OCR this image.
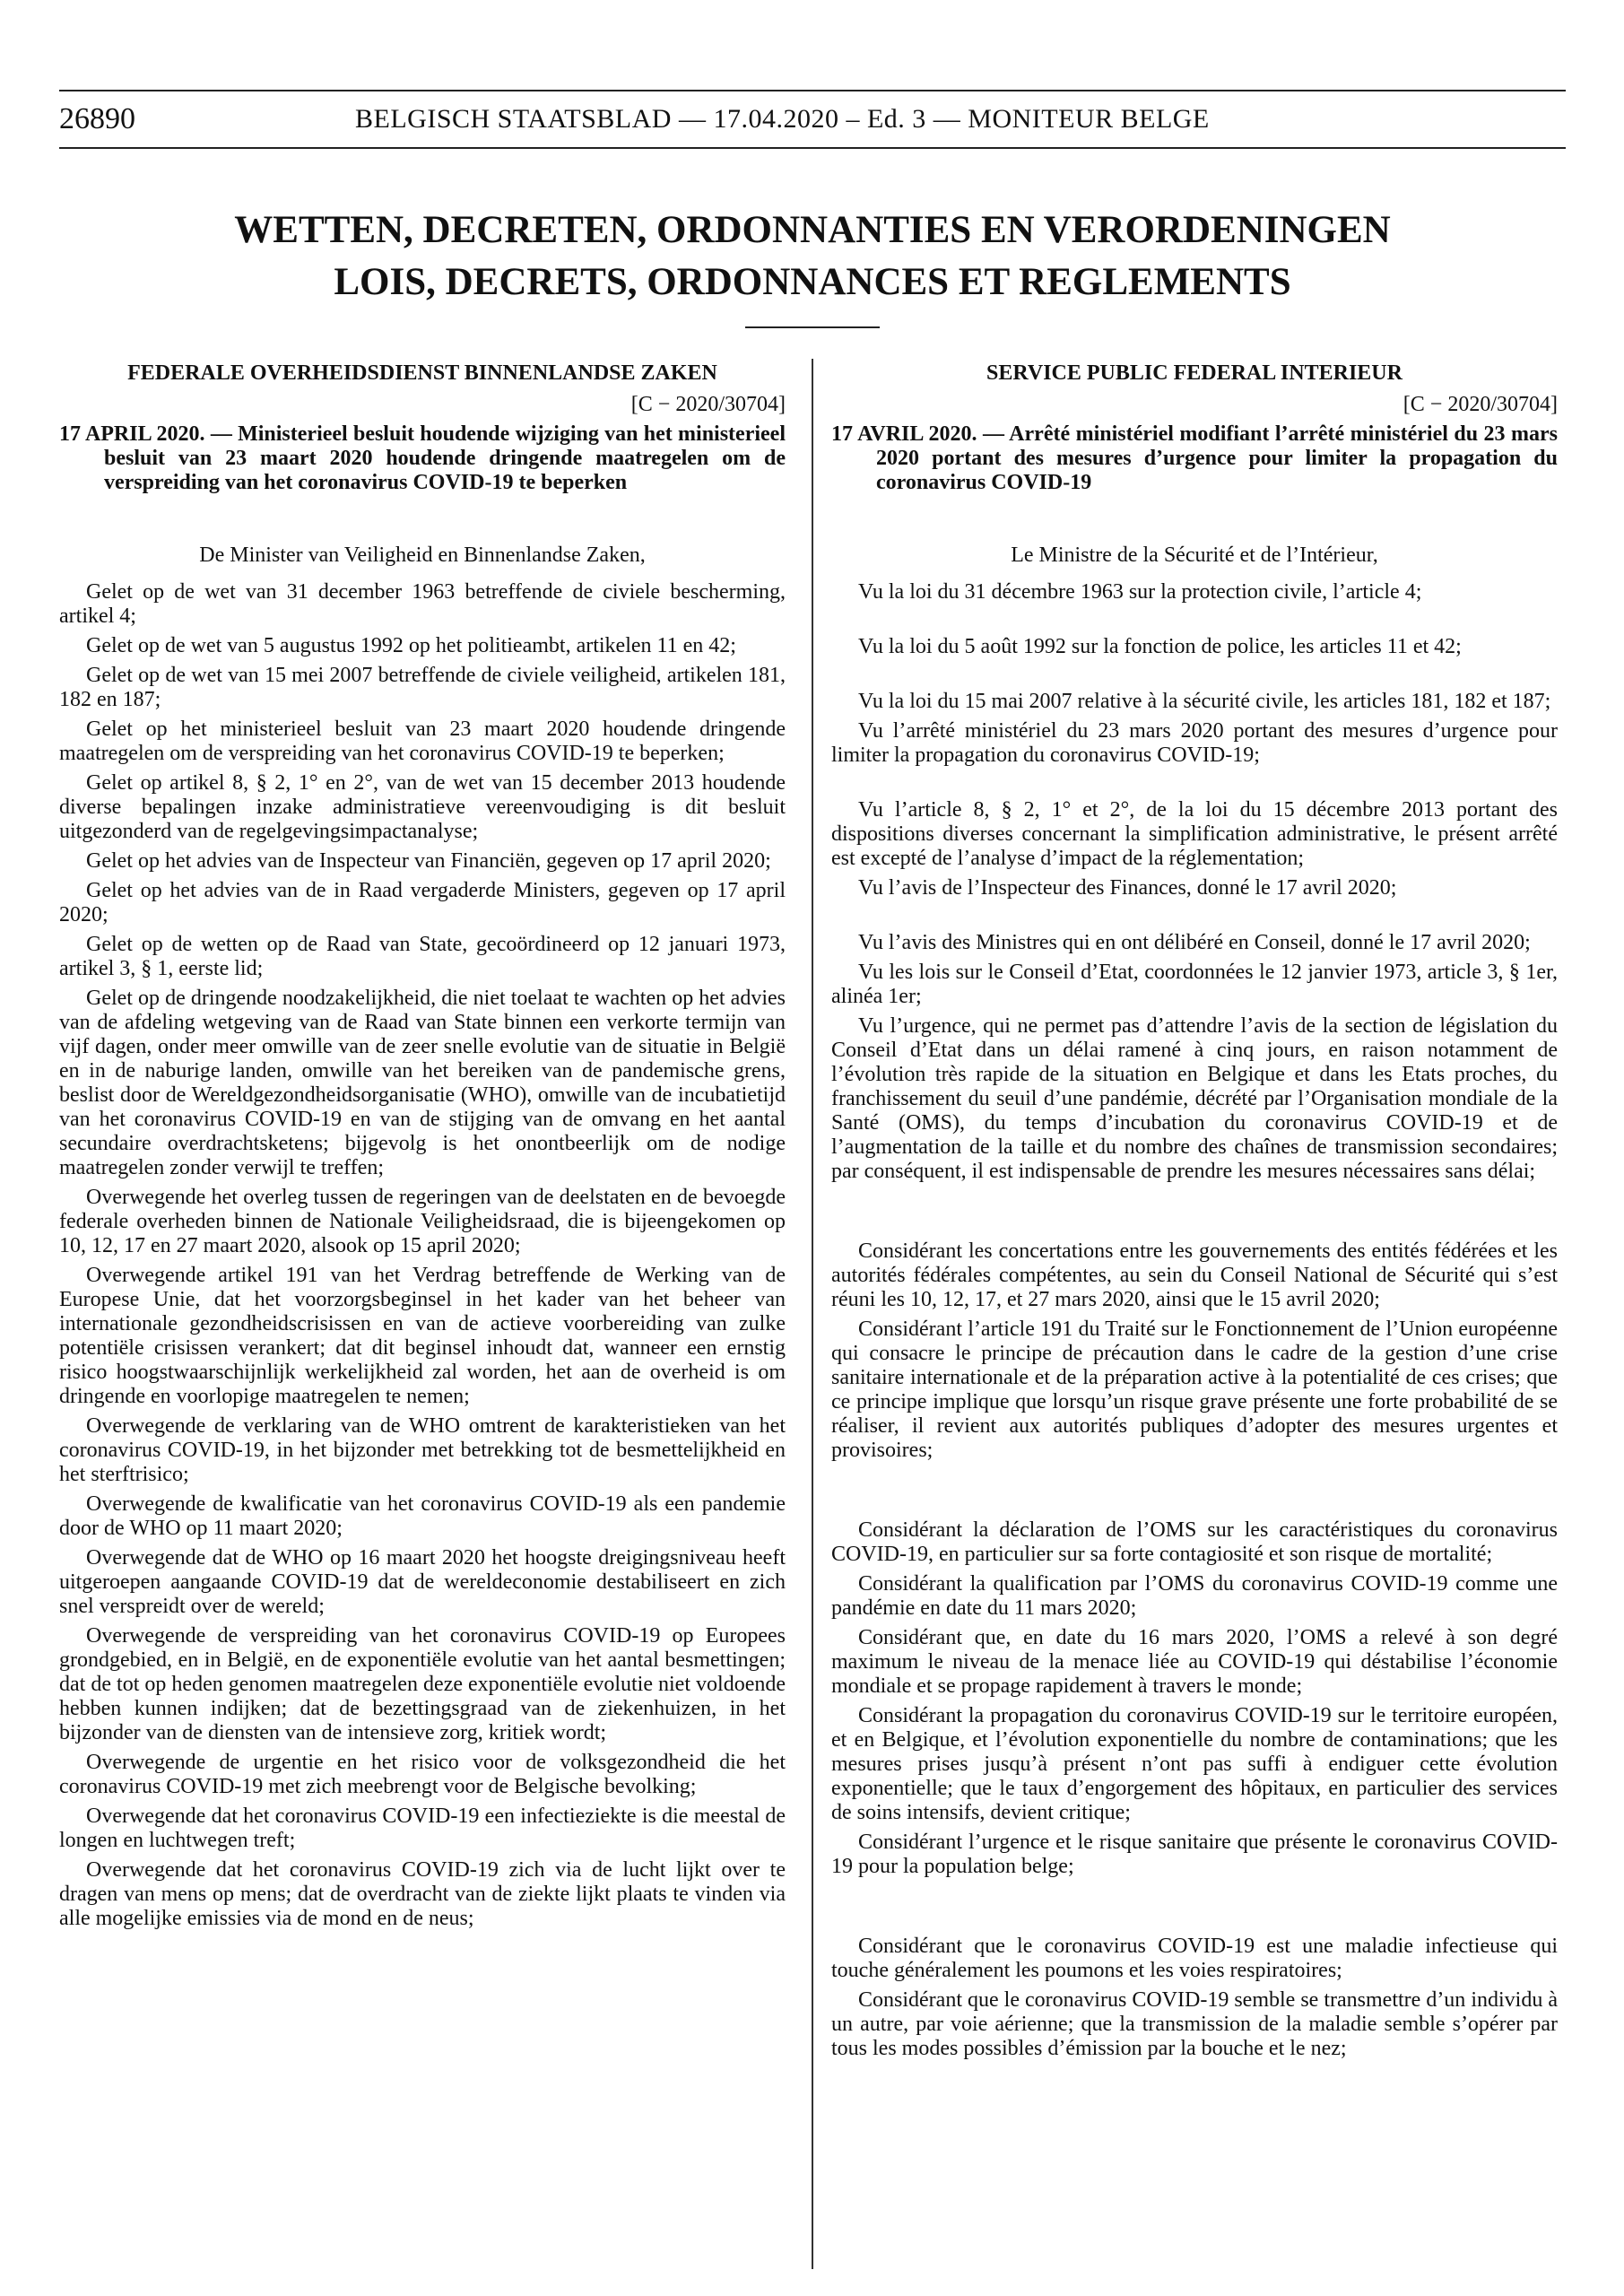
26890	BELGISCH STAATSBLAD — 17.04.2020 – Ed. 3 — MONITEUR BELGE
WETTEN, DECRETEN, ORDONNANTIES EN VERORDENINGEN
LOIS, DECRETS, ORDONNANCES ET REGLEMENTS
FEDERALE OVERHEIDSDIENST BINNENLANDSE ZAKEN
[C − 2020/30704]
17 APRIL 2020. — Ministerieel besluit houdende wijziging van het ministerieel besluit van 23 maart 2020 houdende dringende maatregelen om de verspreiding van het coronavirus COVID-19 te beperken
De Minister van Veiligheid en Binnenlandse Zaken,
Gelet op de wet van 31 december 1963 betreffende de civiele bescherming, artikel 4;
Gelet op de wet van 5 augustus 1992 op het politieambt, artikelen 11 en 42;
Gelet op de wet van 15 mei 2007 betreffende de civiele veiligheid, artikelen 181, 182 en 187;
Gelet op het ministerieel besluit van 23 maart 2020 houdende dringende maatregelen om de verspreiding van het coronavirus COVID-19 te beperken;
Gelet op artikel 8, § 2, 1° en 2°, van de wet van 15 december 2013 houdende diverse bepalingen inzake administratieve vereenvoudiging is dit besluit uitgezonderd van de regelgevingsimpactanalyse;
Gelet op het advies van de Inspecteur van Financiën, gegeven op 17 april 2020;
Gelet op het advies van de in Raad vergaderde Ministers, gegeven op 17 april 2020;
Gelet op de wetten op de Raad van State, gecoördineerd op 12 januari 1973, artikel 3, § 1, eerste lid;
Gelet op de dringende noodzakelijkheid, die niet toelaat te wachten op het advies van de afdeling wetgeving van de Raad van State binnen een verkorte termijn van vijf dagen, onder meer omwille van de zeer snelle evolutie van de situatie in België en in de naburige landen, omwille van het bereiken van de pandemische grens, beslist door de Wereldgezondheidsorganisatie (WHO), omwille van de incubatietijd van het coronavirus COVID-19 en van de stijging van de omvang en het aantal secundaire overdrachtsketens; bijgevolg is het onontbeerlijk om de nodige maatregelen zonder verwijl te treffen;
Overwegende het overleg tussen de regeringen van de deelstaten en de bevoegde federale overheden binnen de Nationale Veiligheidsraad, die is bijeengekomen op 10, 12, 17 en 27 maart 2020, alsook op 15 april 2020;
Overwegende artikel 191 van het Verdrag betreffende de Werking van de Europese Unie, dat het voorzorgsbeginsel in het kader van het beheer van internationale gezondheidscrisissen en van de actieve voorbereiding van zulke potentiële crisissen verankert; dat dit beginsel inhoudt dat, wanneer een ernstig risico hoogstwaarschijnlijk werkelijkheid zal worden, het aan de overheid is om dringende en voorlopige maatregelen te nemen;
Overwegende de verklaring van de WHO omtrent de karakteristieken van het coronavirus COVID-19, in het bijzonder met betrekking tot de besmettelijkheid en het sterftrisico;
Overwegende de kwalificatie van het coronavirus COVID-19 als een pandemie door de WHO op 11 maart 2020;
Overwegende dat de WHO op 16 maart 2020 het hoogste dreigingsniveau heeft uitgeroepen aangaande COVID-19 dat de wereldeconomie destabiliseert en zich snel verspreidt over de wereld;
Overwegende de verspreiding van het coronavirus COVID-19 op Europees grondgebied, en in België, en de exponentiële evolutie van het aantal besmettingen; dat de tot op heden genomen maatregelen deze exponentiële evolutie niet voldoende hebben kunnen indijken; dat de bezettingsgraad van de ziekenhuizen, in het bijzonder van de diensten van de intensieve zorg, kritiek wordt;
Overwegende de urgentie en het risico voor de volksgezondheid die het coronavirus COVID-19 met zich meebrengt voor de Belgische bevolking;
Overwegende dat het coronavirus COVID-19 een infectieziekte is die meestal de longen en luchtwegen treft;
Overwegende dat het coronavirus COVID-19 zich via de lucht lijkt over te dragen van mens op mens; dat de overdracht van de ziekte lijkt plaats te vinden via alle mogelijke emissies via de mond en de neus;
SERVICE PUBLIC FEDERAL INTERIEUR
[C − 2020/30704]
17 AVRIL 2020. — Arrêté ministériel modifiant l’arrêté ministériel du 23 mars 2020 portant des mesures d’urgence pour limiter la propagation du coronavirus COVID-19
Le Ministre de la Sécurité et de l’Intérieur,
Vu la loi du 31 décembre 1963 sur la protection civile, l’article 4;
Vu la loi du 5 août 1992 sur la fonction de police, les articles 11 et 42;
Vu la loi du 15 mai 2007 relative à la sécurité civile, les articles 181, 182 et 187;
Vu l’arrêté ministériel du 23 mars 2020 portant des mesures d’urgence pour limiter la propagation du coronavirus COVID-19;
Vu l’article 8, § 2, 1° et 2°, de la loi du 15 décembre 2013 portant des dispositions diverses concernant la simplification administrative, le présent arrêté est excepté de l’analyse d’impact de la réglementation;
Vu l’avis de l’Inspecteur des Finances, donné le 17 avril 2020;
Vu l’avis des Ministres qui en ont délibéré en Conseil, donné le 17 avril 2020;
Vu les lois sur le Conseil d’Etat, coordonnées le 12 janvier 1973, article 3, § 1er, alinéa 1er;
Vu l’urgence, qui ne permet pas d’attendre l’avis de la section de législation du Conseil d’Etat dans un délai ramené à cinq jours, en raison notamment de l’évolution très rapide de la situation en Belgique et dans les Etats proches, du franchissement du seuil d’une pandémie, décrété par l’Organisation mondiale de la Santé (OMS), du temps d’incubation du coronavirus COVID-19 et de l’augmentation de la taille et du nombre des chaînes de transmission secondaires; par conséquent, il est indispensable de prendre les mesures nécessaires sans délai;
Considérant les concertations entre les gouvernements des entités fédérées et les autorités fédérales compétentes, au sein du Conseil National de Sécurité qui s’est réuni les 10, 12, 17, et 27 mars 2020, ainsi que le 15 avril 2020;
Considérant l’article 191 du Traité sur le Fonctionnement de l’Union européenne qui consacre le principe de précaution dans le cadre de la gestion d’une crise sanitaire internationale et de la préparation active à la potentialité de ces crises; que ce principe implique que lorsqu’un risque grave présente une forte probabilité de se réaliser, il revient aux autorités publiques d’adopter des mesures urgentes et provisoires;
Considérant la déclaration de l’OMS sur les caractéristiques du coronavirus COVID-19, en particulier sur sa forte contagiosité et son risque de mortalité;
Considérant la qualification par l’OMS du coronavirus COVID-19 comme une pandémie en date du 11 mars 2020;
Considérant que, en date du 16 mars 2020, l’OMS a relevé à son degré maximum le niveau de la menace liée au COVID-19 qui déstabilise l’économie mondiale et se propage rapidement à travers le monde;
Considérant la propagation du coronavirus COVID-19 sur le territoire européen, et en Belgique, et l’évolution exponentielle du nombre de contaminations; que les mesures prises jusqu’à présent n’ont pas suffi à endiguer cette évolution exponentielle; que le taux d’engorgement des hôpitaux, en particulier des services de soins intensifs, devient critique;
Considérant l’urgence et le risque sanitaire que présente le coronavirus COVID-19 pour la population belge;
Considérant que le coronavirus COVID-19 est une maladie infectieuse qui touche généralement les poumons et les voies respiratoires;
Considérant que le coronavirus COVID-19 semble se transmettre d’un individu à un autre, par voie aérienne; que la transmission de la maladie semble s’opérer par tous les modes possibles d’émission par la bouche et le nez;
